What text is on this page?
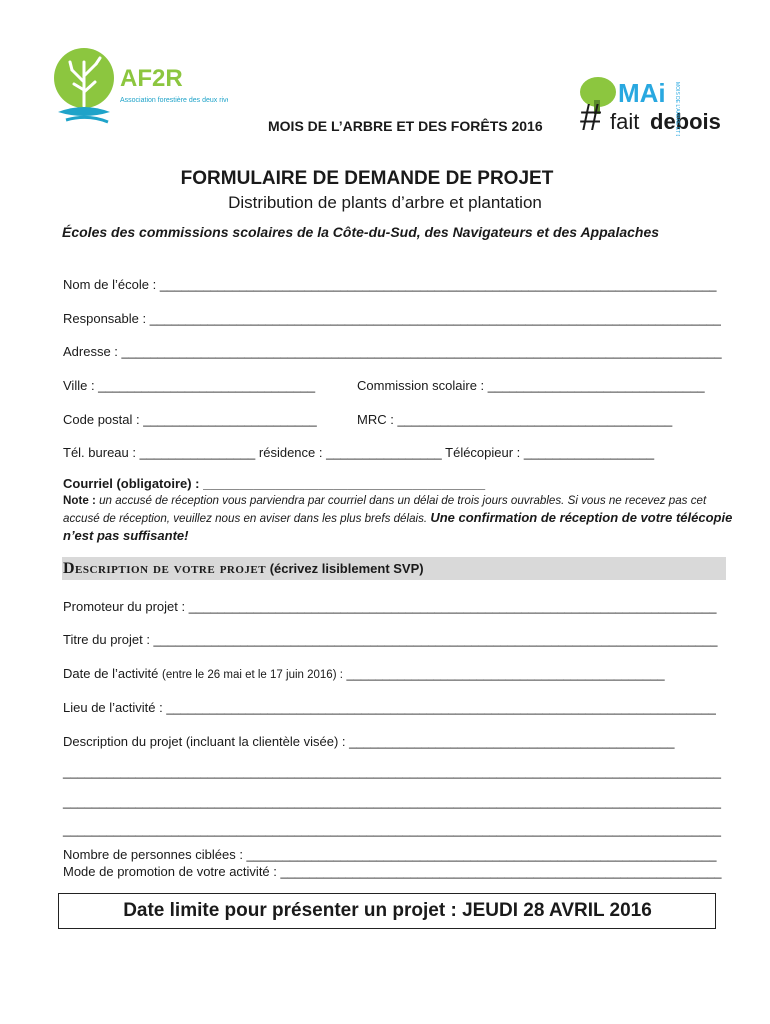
AF2R
Association forestière des deux rives	#
MAi
fait debois
MOIS DE L'ARBRE ET DES FORÊTS
MOIS DE L’ARBRE ET DES FORÊTS 2016
FORMULAIRE DE DEMANDE DE PROJET
Distribution de plants d’arbre et plantation
Écoles des commissions scolaires de la Côte-du-Sud, des Navigateurs et des Appalaches
Nom de l’école : _____________________________________________________________________________
Responsable : _______________________________________________________________________________
Adresse : ___________________________________________________________________________________
Ville : ______________________________	Commission scolaire : ______________________________
Code postal : ________________________	MRC : ______________________________________
Tél. bureau : ________________ résidence : ________________ Télécopieur : __________________
Courriel (obligatoire) : _______________________________________
Note : un accusé de réception vous parviendra par courriel dans un délai de trois jours ouvrables. Si vous ne recevez pas cet accusé de réception, veuillez nous en aviser dans les plus brefs délais. Une confirmation de réception de votre télécopie n’est pas suffisante!
Description de votre projet (écrivez lisiblement SVP)
Promoteur du projet : _________________________________________________________________________
Titre du projet : ______________________________________________________________________________
Date de l’activité (entre le 26 mai et le 17 juin 2016) : ____________________________________________
Lieu de l’activité : ____________________________________________________________________________
Description du projet (incluant la clientèle visée) : _____________________________________________
___________________________________________________________________________________________
___________________________________________________________________________________________
___________________________________________________________________________________________
Nombre de personnes ciblées : _________________________________________________________________
Mode de promotion de votre activité : _____________________________________________________________
Date limite pour présenter un projet : JEUDI 28 AVRIL 2016
